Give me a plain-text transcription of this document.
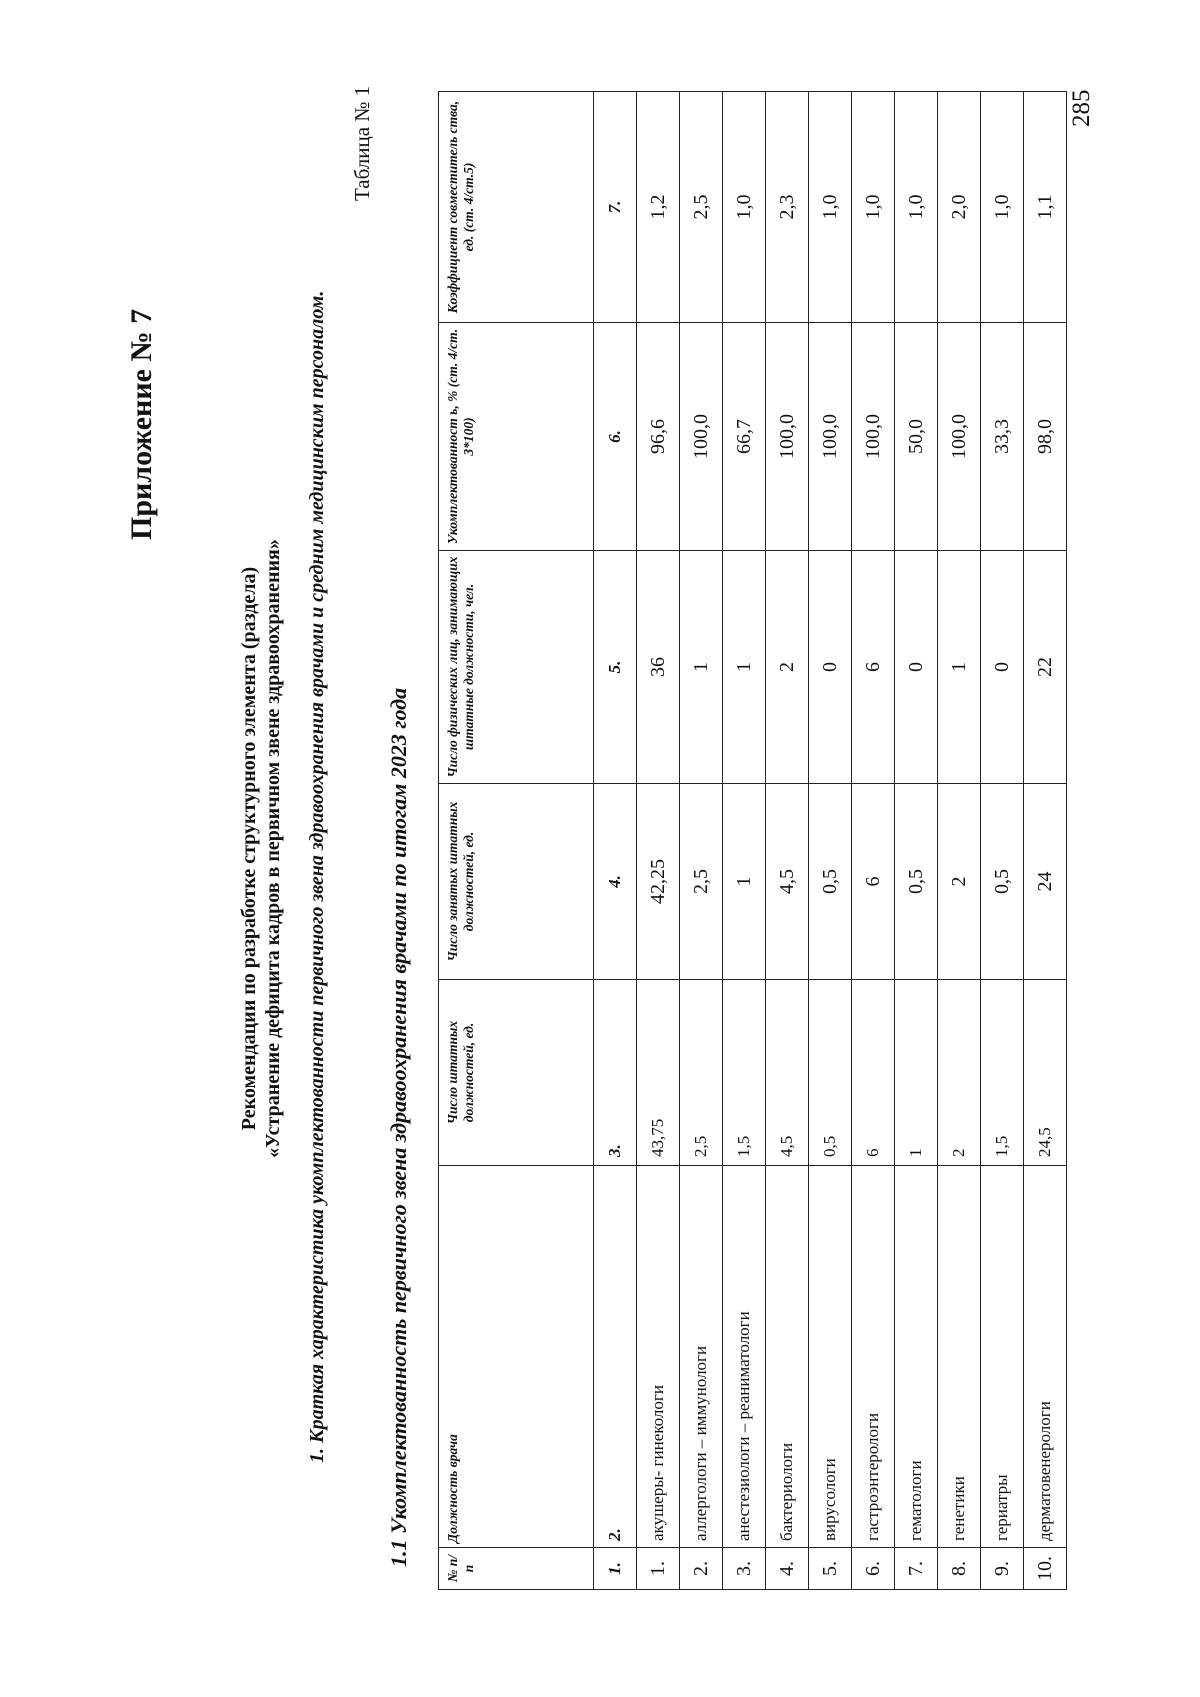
Приложение № 7
Рекомендации по разработке структурного элемента (раздела) «Устранение дефицита кадров в первичном звене здравоохранения» 1. Краткая характеристика укомплектованности первичного звена здравоохранения врачами и средним медицинским персоналом.
Таблица № 1
1.1 Укомплектованность первичного звена здравоохранения врачами по итогам 2023 года
№ п/п	Должность врача	Число штатных должностей, ед.	Число занятых штатных должностей, ед.	Число физических лиц, занимающих штатные должности, чел.	Укомплектованност ь, % (ст. 4/ст. 3*100)	Коэффициент совместитель ства, ед. (ст. 4/ст.5)
1.	2.	3.	4.	5.	6.	7.
1.	акушеры- гинекологи	43,75	42,25	36	96,6	1,2
2.	аллергологи – иммунологи	2,5	2,5	1	100,0	2,5
3.	анестезиологи – реаниматологи	1,5	1	1	66,7	1,0
4.	бактериологи	4,5	4,5	2	100,0	2,3
5.	вирусологи	0,5	0,5	0	100,0	1,0
6.	гастроэнтерологи	6	6	6	100,0	1,0
7.	гематологи	1	0,5	0	50,0	1,0
8.	генетики	2	2	1	100,0	2,0
9.	гериатры	1,5	0,5	0	33,3	1,0
10.	дерматовенерологи	24,5	24	22	98,0	1,1
285
